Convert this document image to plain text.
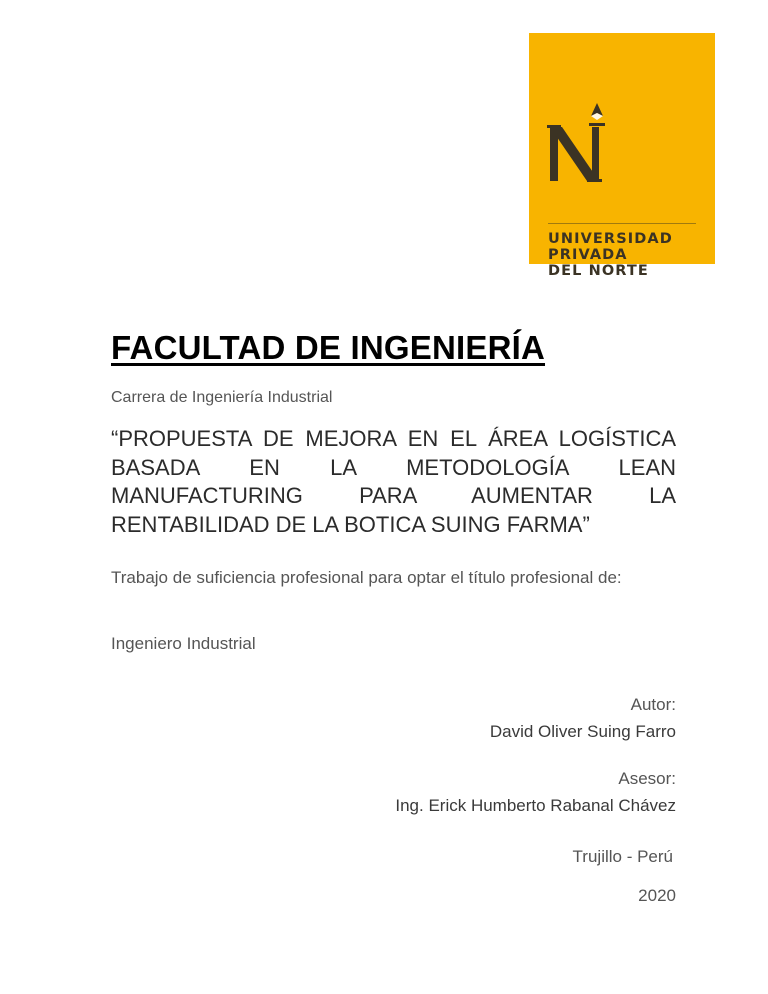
UNIVERSIDAD
PRIVADA
DEL NORTE
FACULTAD DE INGENIERÍA
Carrera de Ingeniería Industrial
“PROPUESTA DE MEJORA EN EL ÁREA LOGÍSTICA BASADA EN LA METODOLOGÍA LEAN MANUFACTURING PARA AUMENTAR LA RENTABILIDAD DE LA BOTICA SUING FARMA”
Trabajo de suficiencia profesional para optar el título profesional de:
Ingeniero Industrial
Autor:
David Oliver Suing Farro
Asesor:
Ing. Erick Humberto Rabanal Chávez
Trujillo - Perú
2020
